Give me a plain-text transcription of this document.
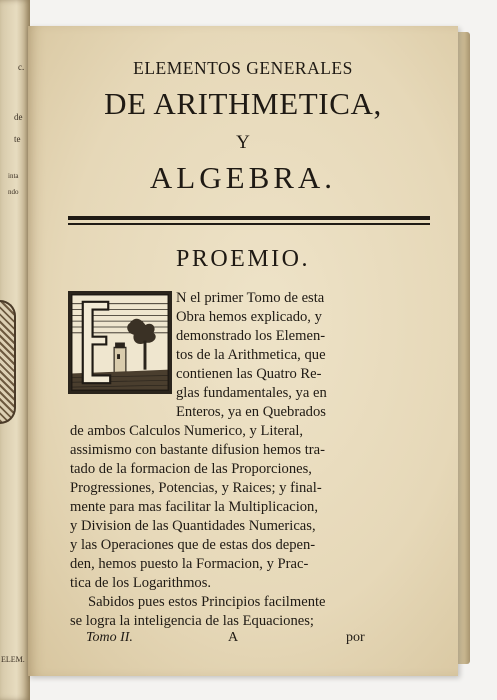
c.
de
te
inta
ndo
ELEM.
ELEMENTOS GENERALES
DE ARITHMETICA,
Y
ALGEBRA.
PROEMIO.
N el primer Tomo de esta
Obra hemos explicado, y
demonstrado los Elemen-
tos de la Arithmetica, que
contienen las Quatro Re-
glas fundamentales, ya en
Enteros, ya en Quebrados
de ambos Calculos Numerico, y Literal,
assimismo con bastante difusion hemos tra-
tado de la formacion de las Proporciones,
Progressiones, Potencias, y Raices; y final-
mente para mas facilitar la Multiplicacion,
y Division de las Quantidades Numericas,
y las Operaciones que de estas dos depen-
den, hemos puesto la Formacion, y Prac-
tica de los Logarithmos.
Sabidos pues estos Principios facilmente
se logra la inteligencia de las Equaciones;
Tomo II.	A	por
